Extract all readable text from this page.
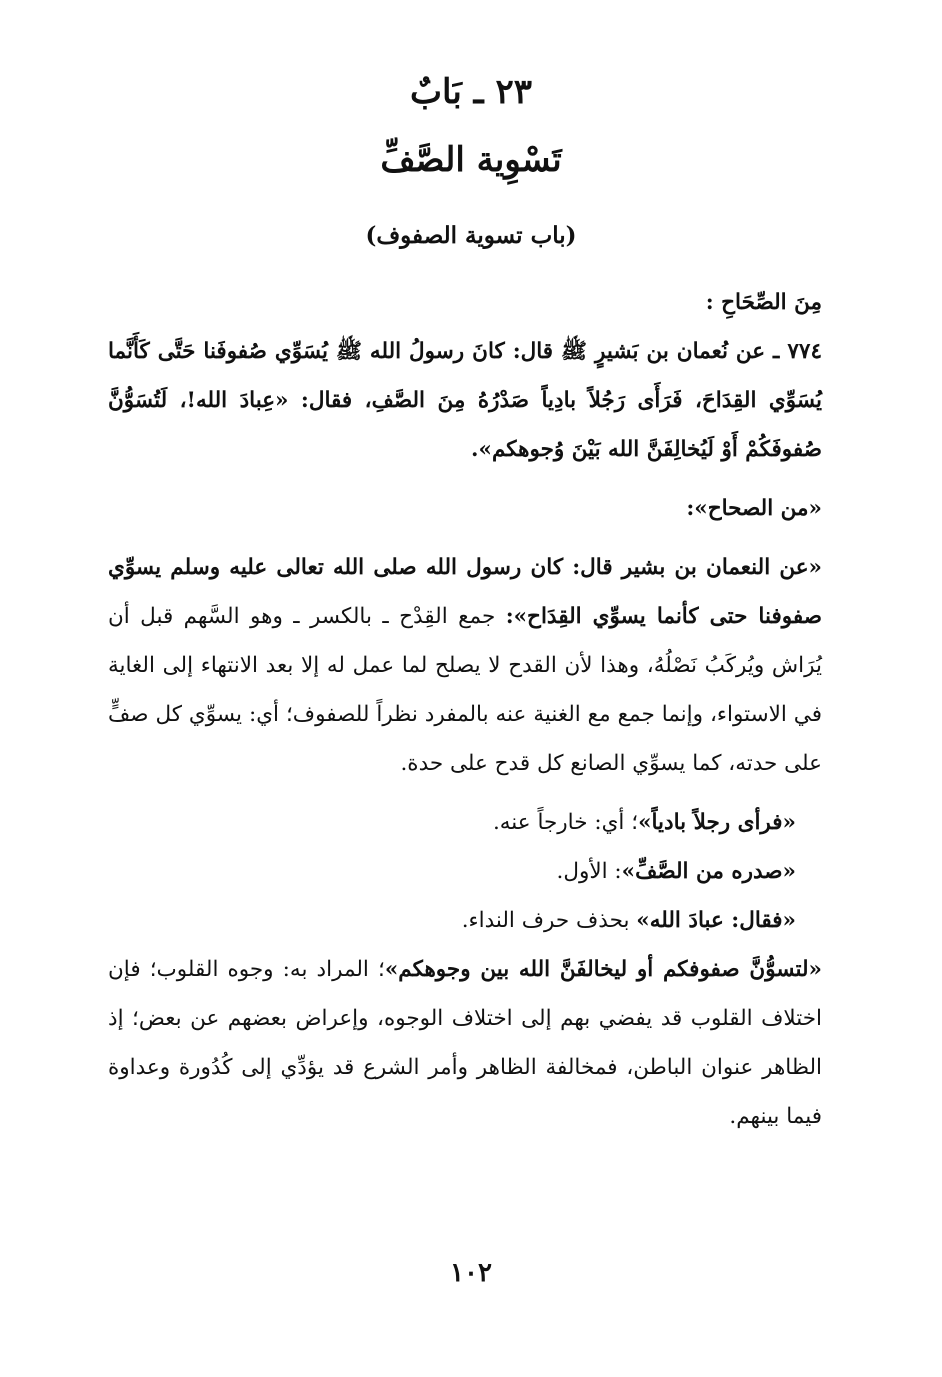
٢٣ ـ بَابٌ
تَسْوِية الصَّفِّ
(باب تسوية الصفوف)

مِنَ الصِّحَاحِ :

٧٧٤ ـ عن نُعمان بن بَشيرٍ ﷺ قال: كانَ رسولُ الله ﷺ يُسَوِّي صُفوفَنا حَتَّى كَأَنَّما يُسَوِّي القِدَاحَ، فَرَأَى رَجُلاً بادِياً صَدْرُهُ مِنَ الصَّفِ، فقال: «عِبادَ الله!، لَتُسَوُّنَّ صُفوفَكُمْ أَوْ لَيُخالِفَنَّ الله بَيْنَ وُجوهكم».

«من الصحاح»:

«عن النعمان بن بشير قال: كان رسول الله صلى الله تعالى عليه وسلم يسوِّي صفوفنا حتى كأنما يسوِّي القِدَاح»: جمع القِدْح ـ بالكسر ـ وهو السَّهم قبل أن يُرَاش ويُركَبُ نَصْلُهُ، وهذا لأن القدح لا يصلح لما عمل له إلا بعد الانتهاء إلى الغاية في الاستواء، وإنما جمع مع الغنية عنه بالمفرد نظراً للصفوف؛ أي: يسوِّي كل صفٍّ على حدته، كما يسوِّي الصانع كل قدح على حدة.

«فرأى رجلاً بادياً»؛ أي: خارجاً عنه.

«صدره من الصَّفِّ»: الأول.

«فقال: عبادَ الله» بحذف حرف النداء.

«لتسوُّنَّ صفوفكم أو ليخالفَنَّ الله بين وجوهكم»؛ المراد به: وجوه القلوب؛ فإن اختلاف القلوب قد يفضي بهم إلى اختلاف الوجوه، وإعراض بعضهم عن بعض؛ إذ الظاهر عنوان الباطن، فمخالفة الظاهر وأمر الشرع قد يؤدِّي إلى كُدُورة وعداوة فيما بينهم.

١٠٢
